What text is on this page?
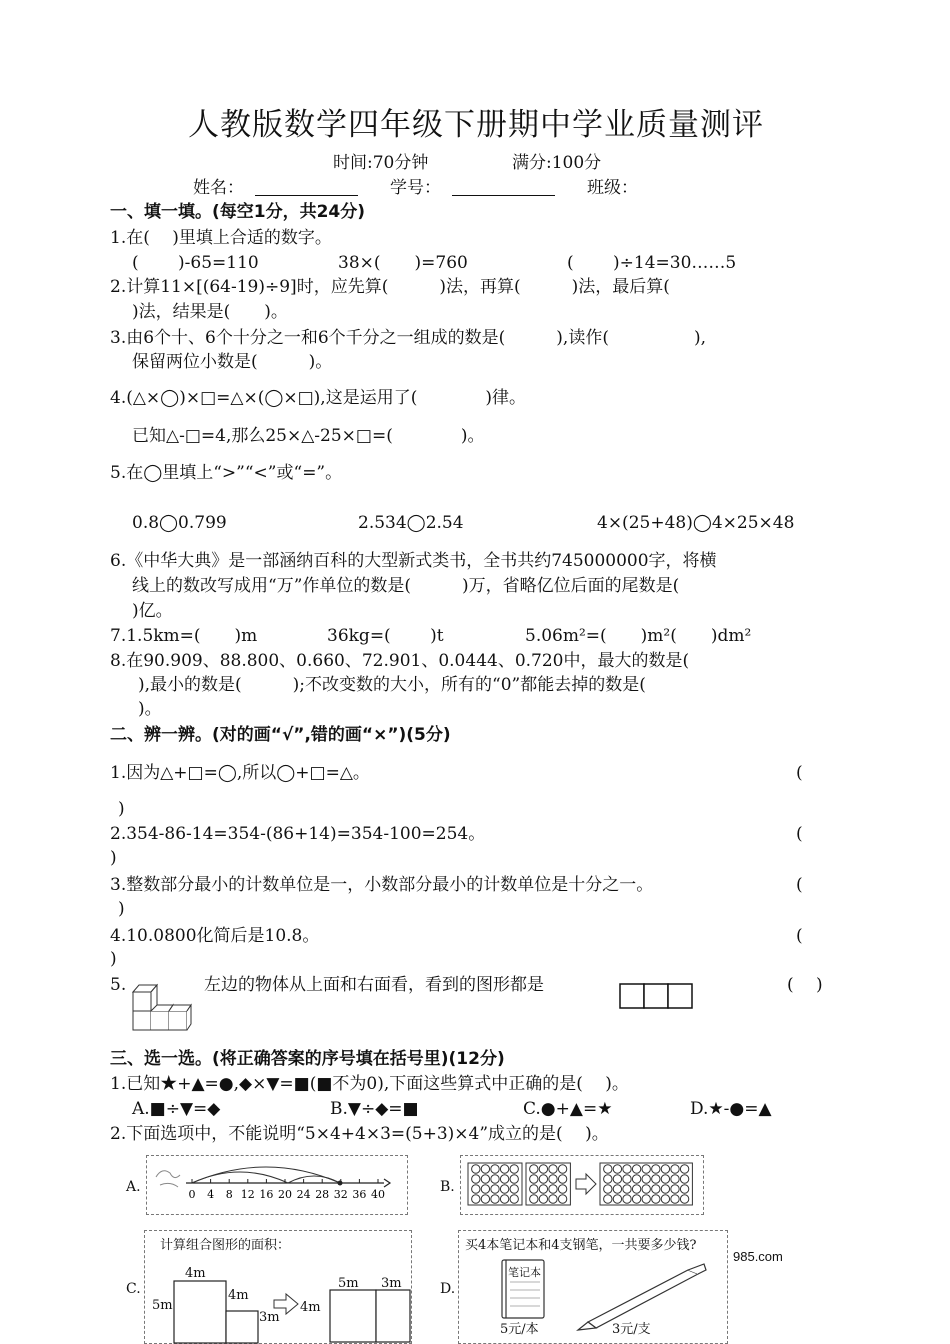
人教版数学四年级下册期中学业质量测评
时间:70分钟	满分:100分
姓名：	学号：	班级：
一、填一填。(每空1分，共24分)
1.在(　 )里填上合适的数字。
(　　 )-65=110	38×(　　)=760	(　　 )÷14=30……5
2.计算11×[(64-19)÷9]时，应先算(　　　)法，再算(　　　)法，最后算(
)法，结果是(　　)。
3.由6个十、6个十分之一和6个千分之一组成的数是(　　　),读作(　　　　　),
保留两位小数是(　　　)。
4.(△×◯)×□=△×(◯×□),这是运用了(　　　　)律。
已知△-□=4,那么25×△-25×□=(　　　　)。
5.在◯里填上“>”“<”或“=”。
0.8◯0.799	2.534◯2.54	4×(25+48)◯4×25×48
6.《中华大典》是一部涵纳百科的大型新式类书，全书共约745000000字，将横
线上的数改写成用“万”作单位的数是(　　　)万，省略亿位后面的尾数是(
)亿。
7.1.5km=(　　)m	36kg=(　　 )t	5.06m²=(　　)m²(　　)dm²
8.在90.909、88.800、0.660、72.901、0.0444、0.720中，最大的数是(
),最小的数是(　　　);不改变数的大小，所有的“0”都能去掉的数是(
)。
二、辨一辨。(对的画“√”,错的画“×”)(5分)
1.因为△+□=◯,所以◯+□=△。	(
)
2.354-86-14=354-(86+14)=354-100=254。	(
)
3.整数部分最小的计数单位是一，小数部分最小的计数单位是十分之一。	(
)
4.10.0800化简后是10.8。	(
)
5.	左边的物体从上面和右面看，看到的图形都是	(　 )
三、选一选。(将正确答案的序号填在括号里)(12分)
1.已知★+▲=●,◆×▼=■(■不为0),下面这些算式中正确的是(　 )。
A.■÷▼=◆	B.▼÷◆=■	C.●+▲=★	D.★-●=▲
2.下面选项中，不能说明“5×4+4×3=(5+3)×4”成立的是(　 )。
A.	0 4 8 12 16 20 24 28 32 36 40	B.
C.
计算组合图形的面积：
4m
5m
4m
3m
4m
5m 3m	D.
买4本笔记本和4支钢笔，一共要多少钱?
笔记本
5元/本	3元/支
985.com
